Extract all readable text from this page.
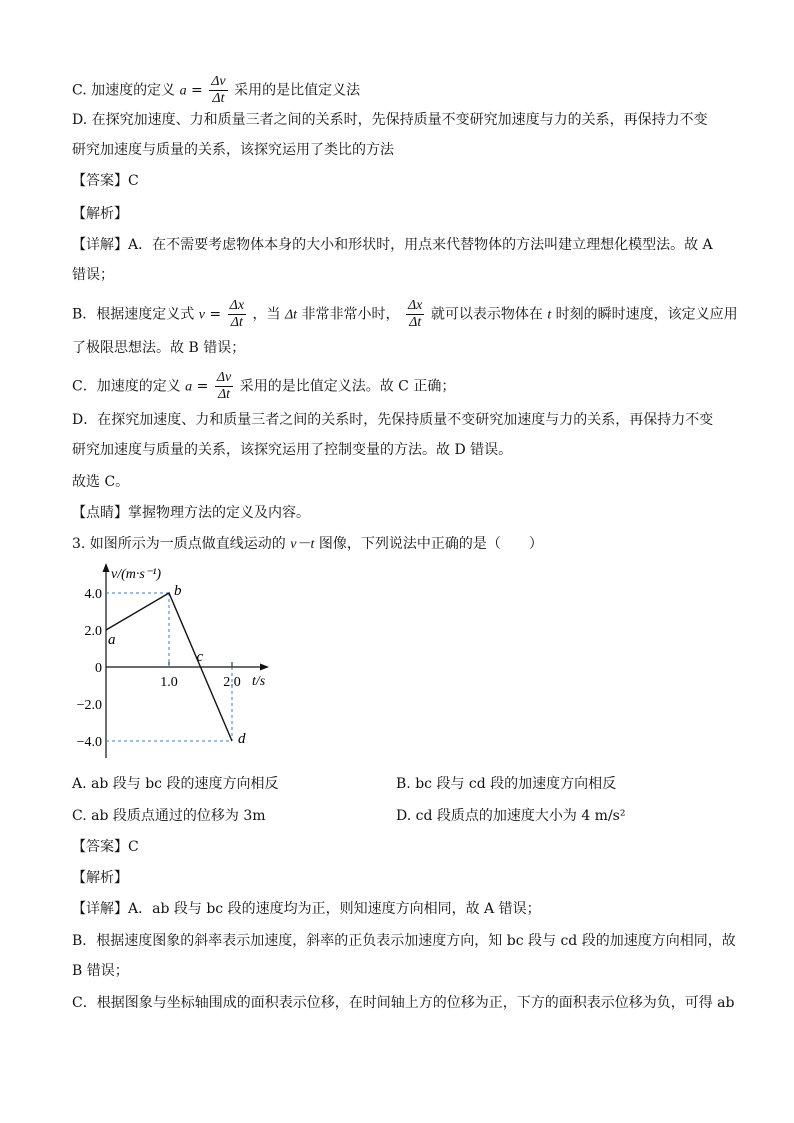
C. 加速度的定义 $a = \frac{\Delta v}{\Delta t}$ 采用的是比值定义法
D. 在探究加速度、力和质量三者之间的关系时，先保持质量不变研究加速度与力的关系，再保持力不变
研究加速度与质量的关系，该探究运用了类比的方法
【答案】C
【解析】
【详解】A．在不需要考虑物体本身的大小和形状时，用点来代替物体的方法叫建立理想化模型法。故 A
错误；
B．根据速度定义式 $v = \frac{\Delta x}{\Delta t}$ ，当 Δt 非常非常小时， $\frac{\Delta x}{\Delta t}$ 就可以表示物体在 t 时刻的瞬时速度，该定义应用
了极限思想法。故 B 错误；
C．加速度的定义 $a = \frac{\Delta v}{\Delta t}$ 采用的是比值定义法。故 C 正确；
D．在探究加速度、力和质量三者之间的关系时，先保持质量不变研究加速度与力的关系，再保持力不变
研究加速度与质量的关系，该探究运用了控制变量的方法。故 D 错误。
故选 C。
【点睛】掌握物理方法的定义及内容。
3. 如图所示为一质点做直线运动的 v－t 图像，下列说法中正确的是（　　）
v/(m·s⁻¹)
t/s
4.0
2.0
0
−2.0
−4.0
1.0	2.0
a
b
c
d
A. ab 段与 bc 段的速度方向相反	B. bc 段与 cd 段的加速度方向相反
C. ab 段质点通过的位移为 3m	D. cd 段质点的加速度大小为 4 m/s²
【答案】C
【解析】
【详解】A．ab 段与 bc 段的速度均为正，则知速度方向相同，故 A 错误；
B．根据速度图象的斜率表示加速度，斜率的正负表示加速度方向，知 bc 段与 cd 段的加速度方向相同，故
B 错误；
C．根据图象与坐标轴围成的面积表示位移，在时间轴上方的位移为正，下方的面积表示位移为负，可得 ab
